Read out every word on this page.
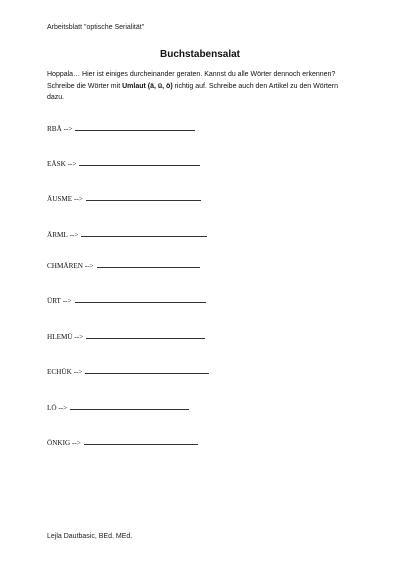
Arbeitsblatt "optische Serialität"
Buchstabensalat
Hoppala… Hier ist einiges durcheinander geraten. Kannst du alle Wörter dennoch erkennen? Schreibe die Wörter mit Umlaut (ä, ü, ö) richtig auf. Schreibe auch den Artikel zu den Wörtern dazu.
RBÄ
-->
EÄSK
-->
ÄUSME
-->
ÄRML
-->
CHMÄREN
-->
ÜRT
-->
HLEMÜ
-->
ECHÜK
-->
LÖ
-->
ÖNKIG
-->
Lejla Dautbasic, BEd. MEd.
